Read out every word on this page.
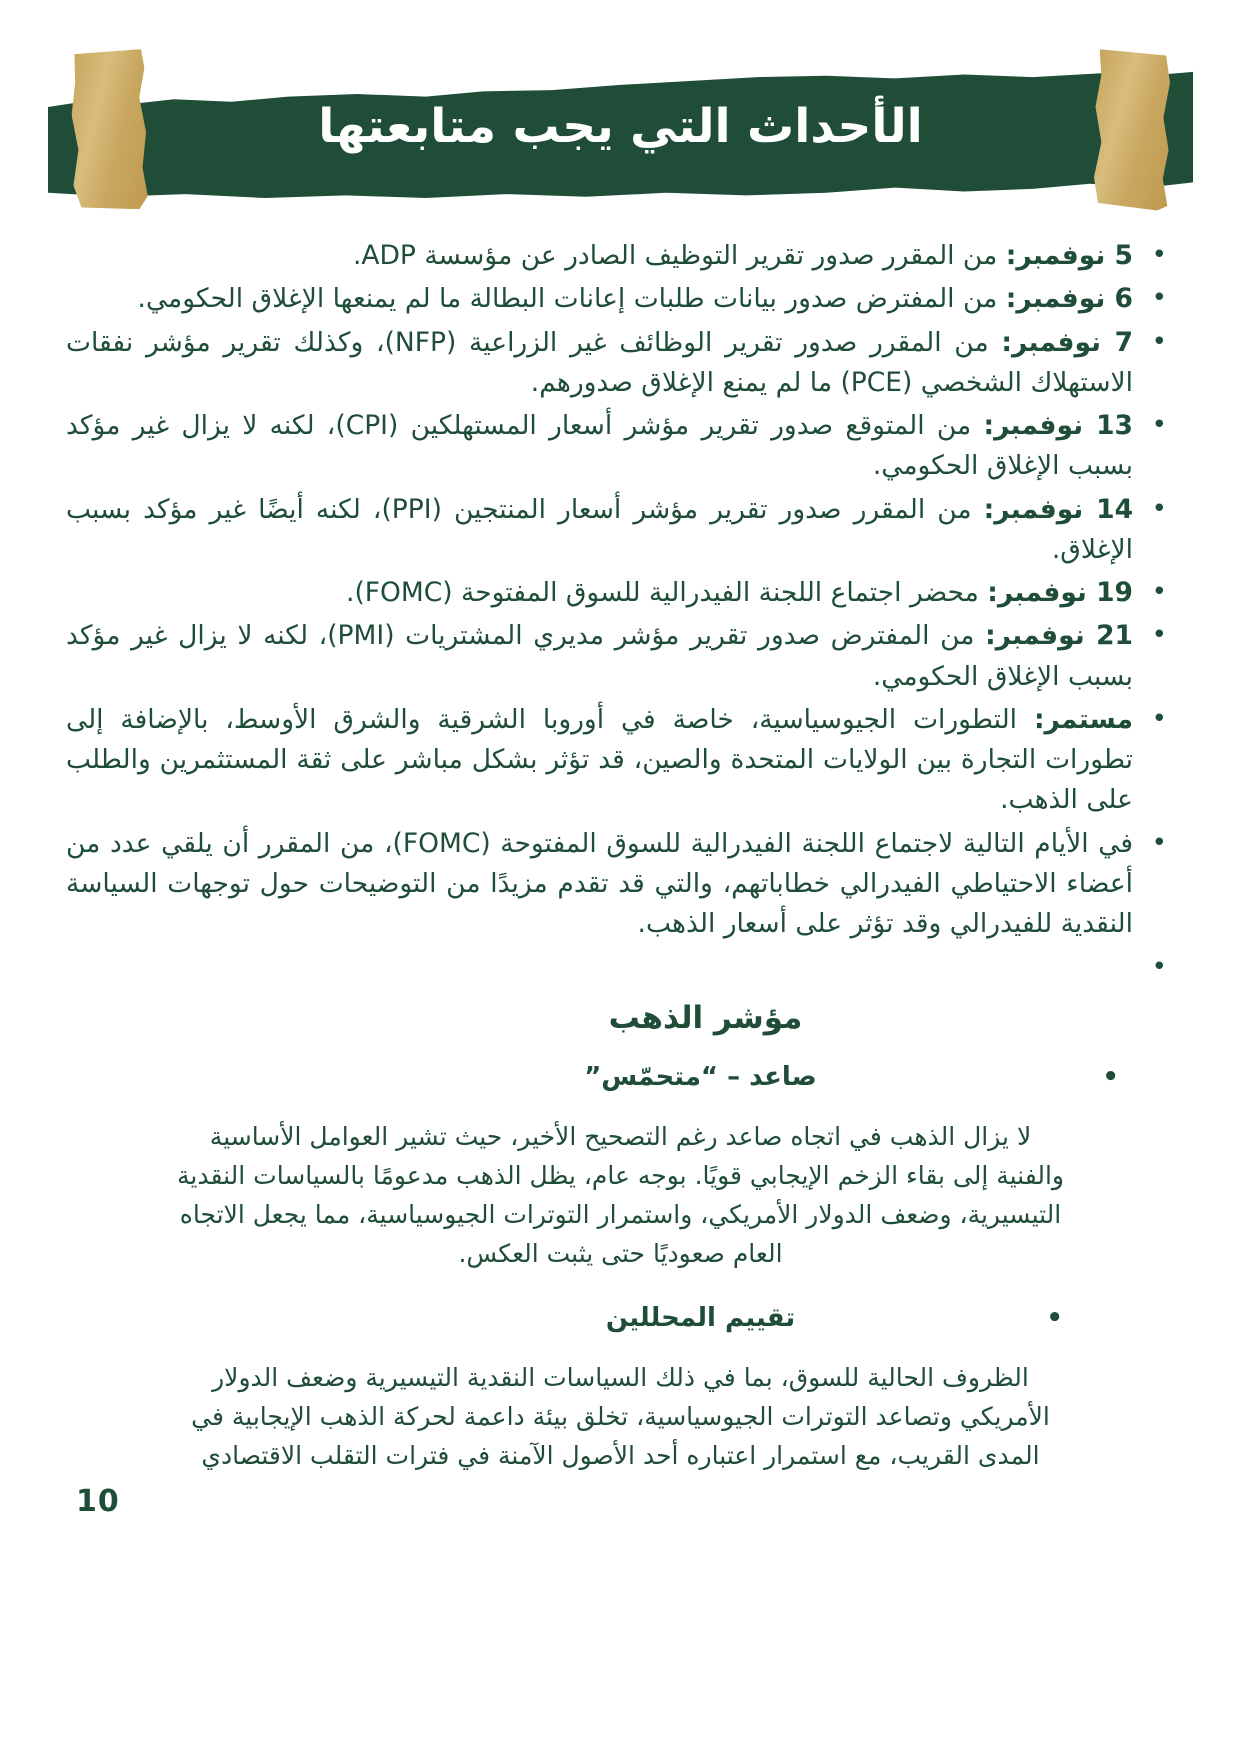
الأحداث التي يجب متابعتها
• 5 نوفمبر: من المقرر صدور تقرير التوظيف الصادر عن مؤسسة ADP.
• 6 نوفمبر: من المفترض صدور بيانات طلبات إعانات البطالة ما لم يمنعها الإغلاق الحكومي.
• 7 نوفمبر: من المقرر صدور تقرير الوظائف غير الزراعية (NFP)، وكذلك تقرير مؤشر نفقات الاستهلاك الشخصي (PCE) ما لم يمنع الإغلاق صدورهم.
• 13 نوفمبر: من المتوقع صدور تقرير مؤشر أسعار المستهلكين (CPI)، لكنه لا يزال غير مؤكد بسبب الإغلاق الحكومي.
• 14 نوفمبر: من المقرر صدور تقرير مؤشر أسعار المنتجين (PPI)، لكنه أيضًا غير مؤكد بسبب الإغلاق.
• 19 نوفمبر: محضر اجتماع اللجنة الفيدرالية للسوق المفتوحة (FOMC).
• 21 نوفمبر: من المفترض صدور تقرير مؤشر مديري المشتريات (PMI)، لكنه لا يزال غير مؤكد بسبب الإغلاق الحكومي.
• مستمر: التطورات الجيوسياسية، خاصة في أوروبا الشرقية والشرق الأوسط، بالإضافة إلى تطورات التجارة بين الولايات المتحدة والصين، قد تؤثر بشكل مباشر على ثقة المستثمرين والطلب على الذهب.
• في الأيام التالية لاجتماع اللجنة الفيدرالية للسوق المفتوحة (FOMC)، من المقرر أن يلقي عدد من أعضاء الاحتياطي الفيدرالي خطاباتهم، والتي قد تقدم مزيدًا من التوضيحات حول توجهات السياسة النقدية للفيدرالي وقد تؤثر على أسعار الذهب.
•
مؤشر الذهب
• صاعد – “متحمّس”

لا يزال الذهب في اتجاه صاعد رغم التصحيح الأخير، حيث تشير العوامل الأساسية والفنية إلى بقاء الزخم الإيجابي قويًا. بوجه عام، يظل الذهب مدعومًا بالسياسات النقدية التيسيرية، وضعف الدولار الأمريكي، واستمرار التوترات الجيوسياسية، مما يجعل الاتجاه العام صعوديًا حتى يثبت العكس.

• تقييم المحللين

الظروف الحالية للسوق، بما في ذلك السياسات النقدية التيسيرية وضعف الدولار الأمريكي وتصاعد التوترات الجيوسياسية، تخلق بيئة داعمة لحركة الذهب الإيجابية في المدى القريب، مع استمرار اعتباره أحد الأصول الآمنة في فترات التقلب الاقتصادي

10
